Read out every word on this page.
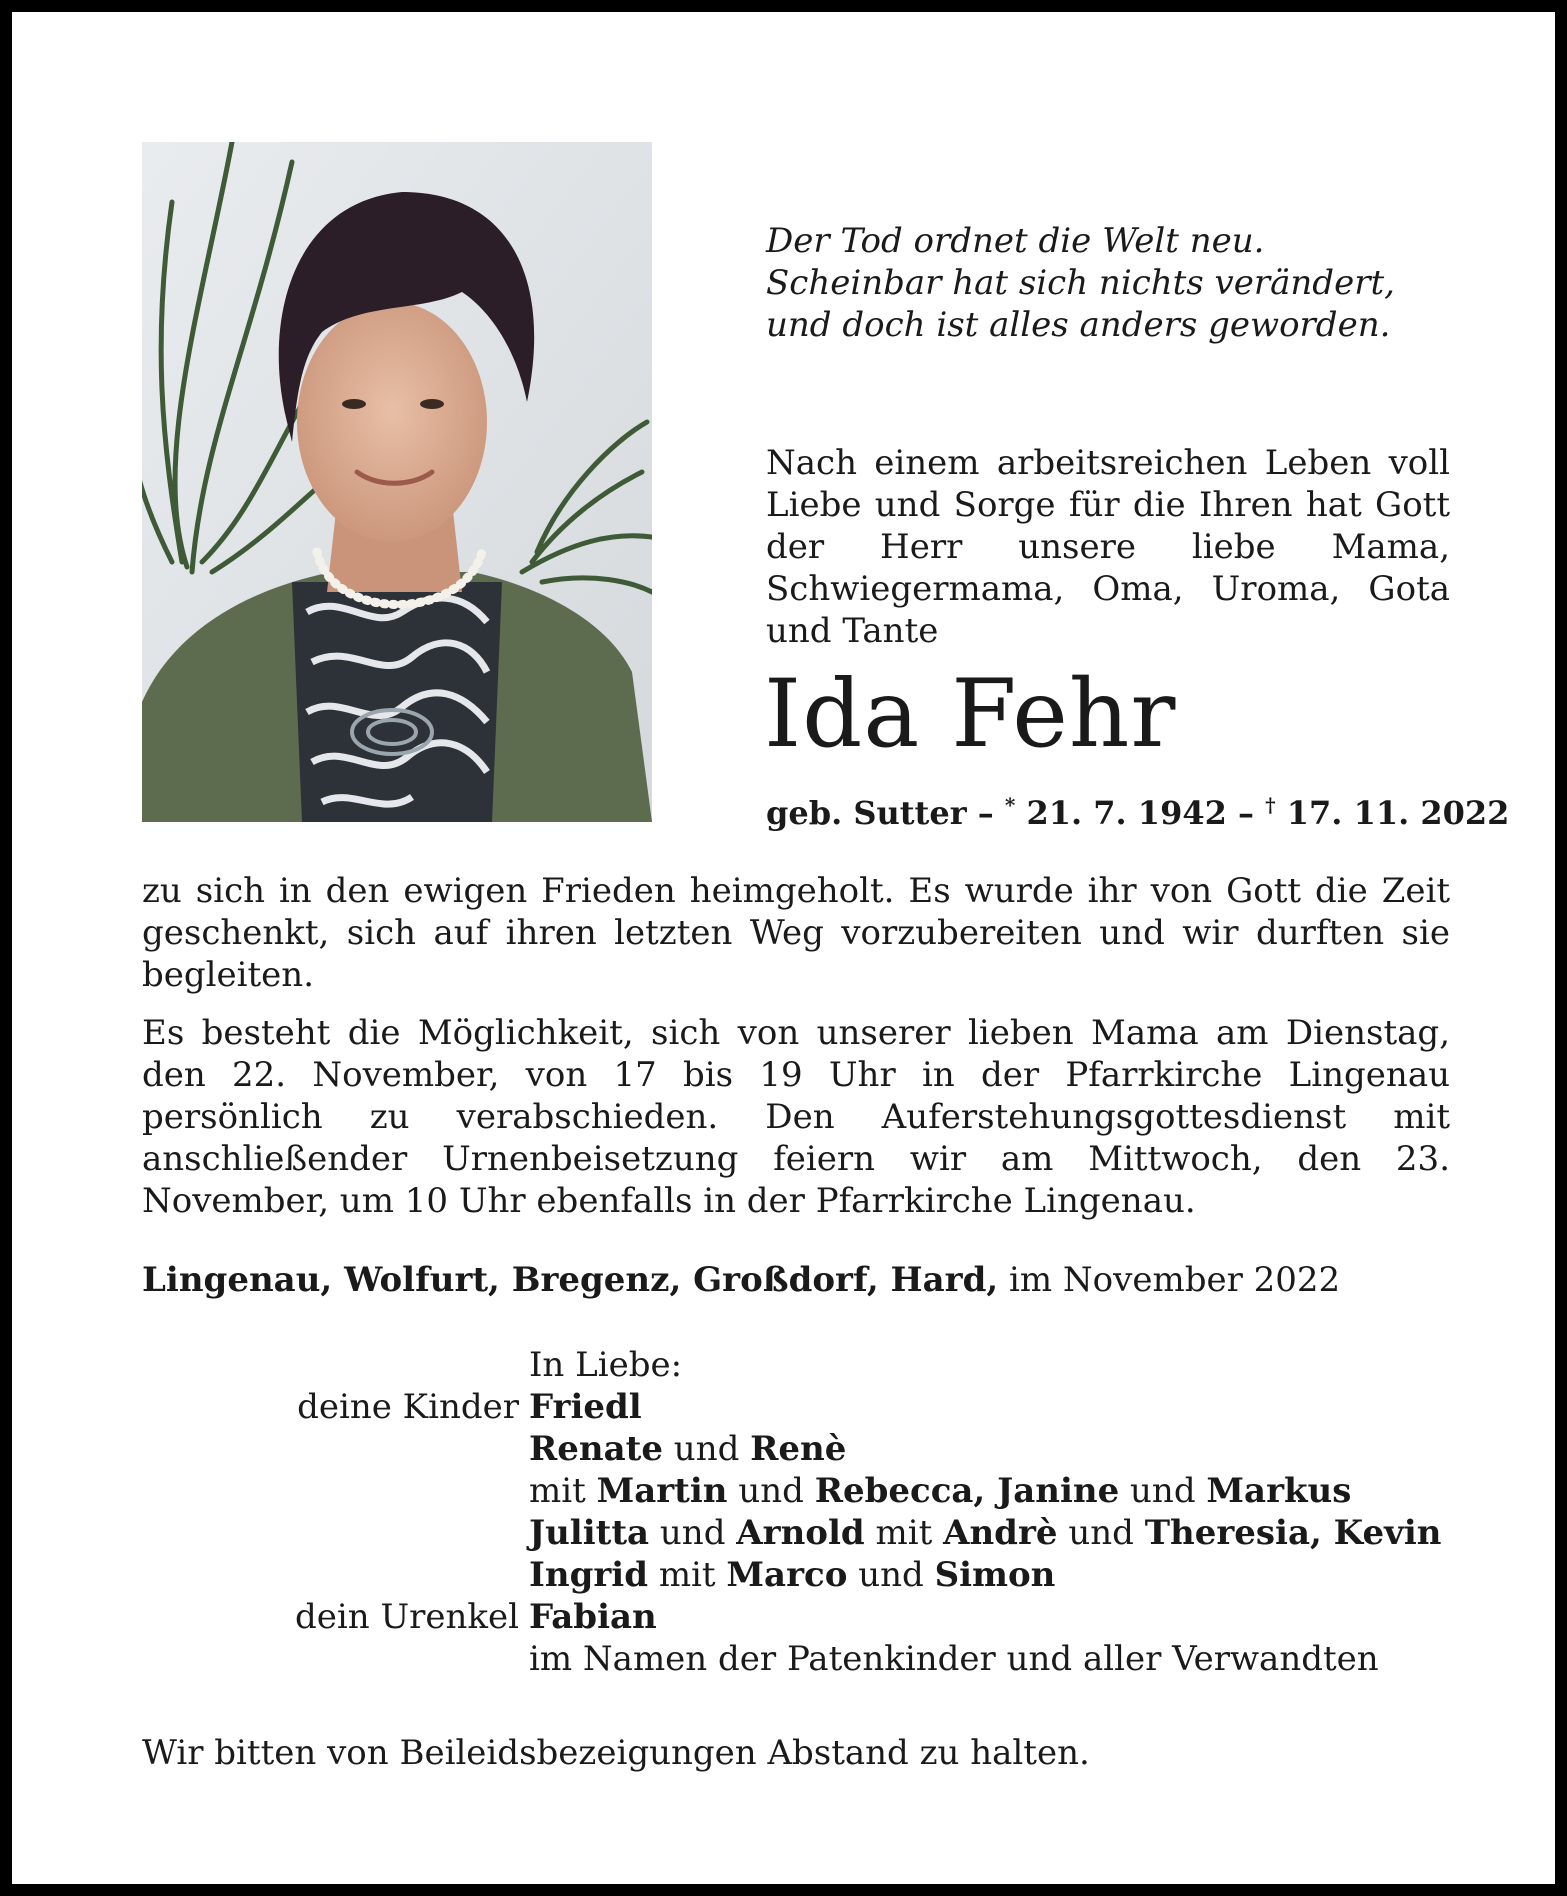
Der Tod ordnet die Welt neu.
Scheinbar hat sich nichts verändert,
und doch ist alles anders geworden.

Nach einem arbeitsreichen Leben voll Liebe und Sorge für die Ihren hat Gott der Herr unsere liebe Mama, Schwiegermama, Oma, Uroma, Gota und Tante

Ida Fehr

geb. Sutter – * 21. 7. 1942 – † 17. 11. 2022

zu sich in den ewigen Frieden heimgeholt. Es wurde ihr von Gott die Zeit geschenkt, sich auf ihren letzten Weg vorzubereiten und wir durften sie begleiten.

Es besteht die Möglichkeit, sich von unserer lieben Mama am Dienstag, den 22. November, von 17 bis 19 Uhr in der Pfarrkirche Lingenau persönlich zu verabschieden. Den Auferstehungsgottesdienst mit anschließender Urnenbeisetzung feiern wir am Mittwoch, den 23. November, um 10 Uhr ebenfalls in der Pfarrkirche Lingenau.

Lingenau, Wolfurt, Bregenz, Großdorf, Hard, im November 2022

In Liebe:
deine Kinder Friedl
Renate und Renè
mit Martin und Rebecca, Janine und Markus
Julitta und Arnold mit Andrè und Theresia, Kevin
Ingrid mit Marco und Simon
dein Urenkel Fabian
im Namen der Patenkinder und aller Verwandten

Wir bitten von Beileidsbezeigungen Abstand zu halten.
